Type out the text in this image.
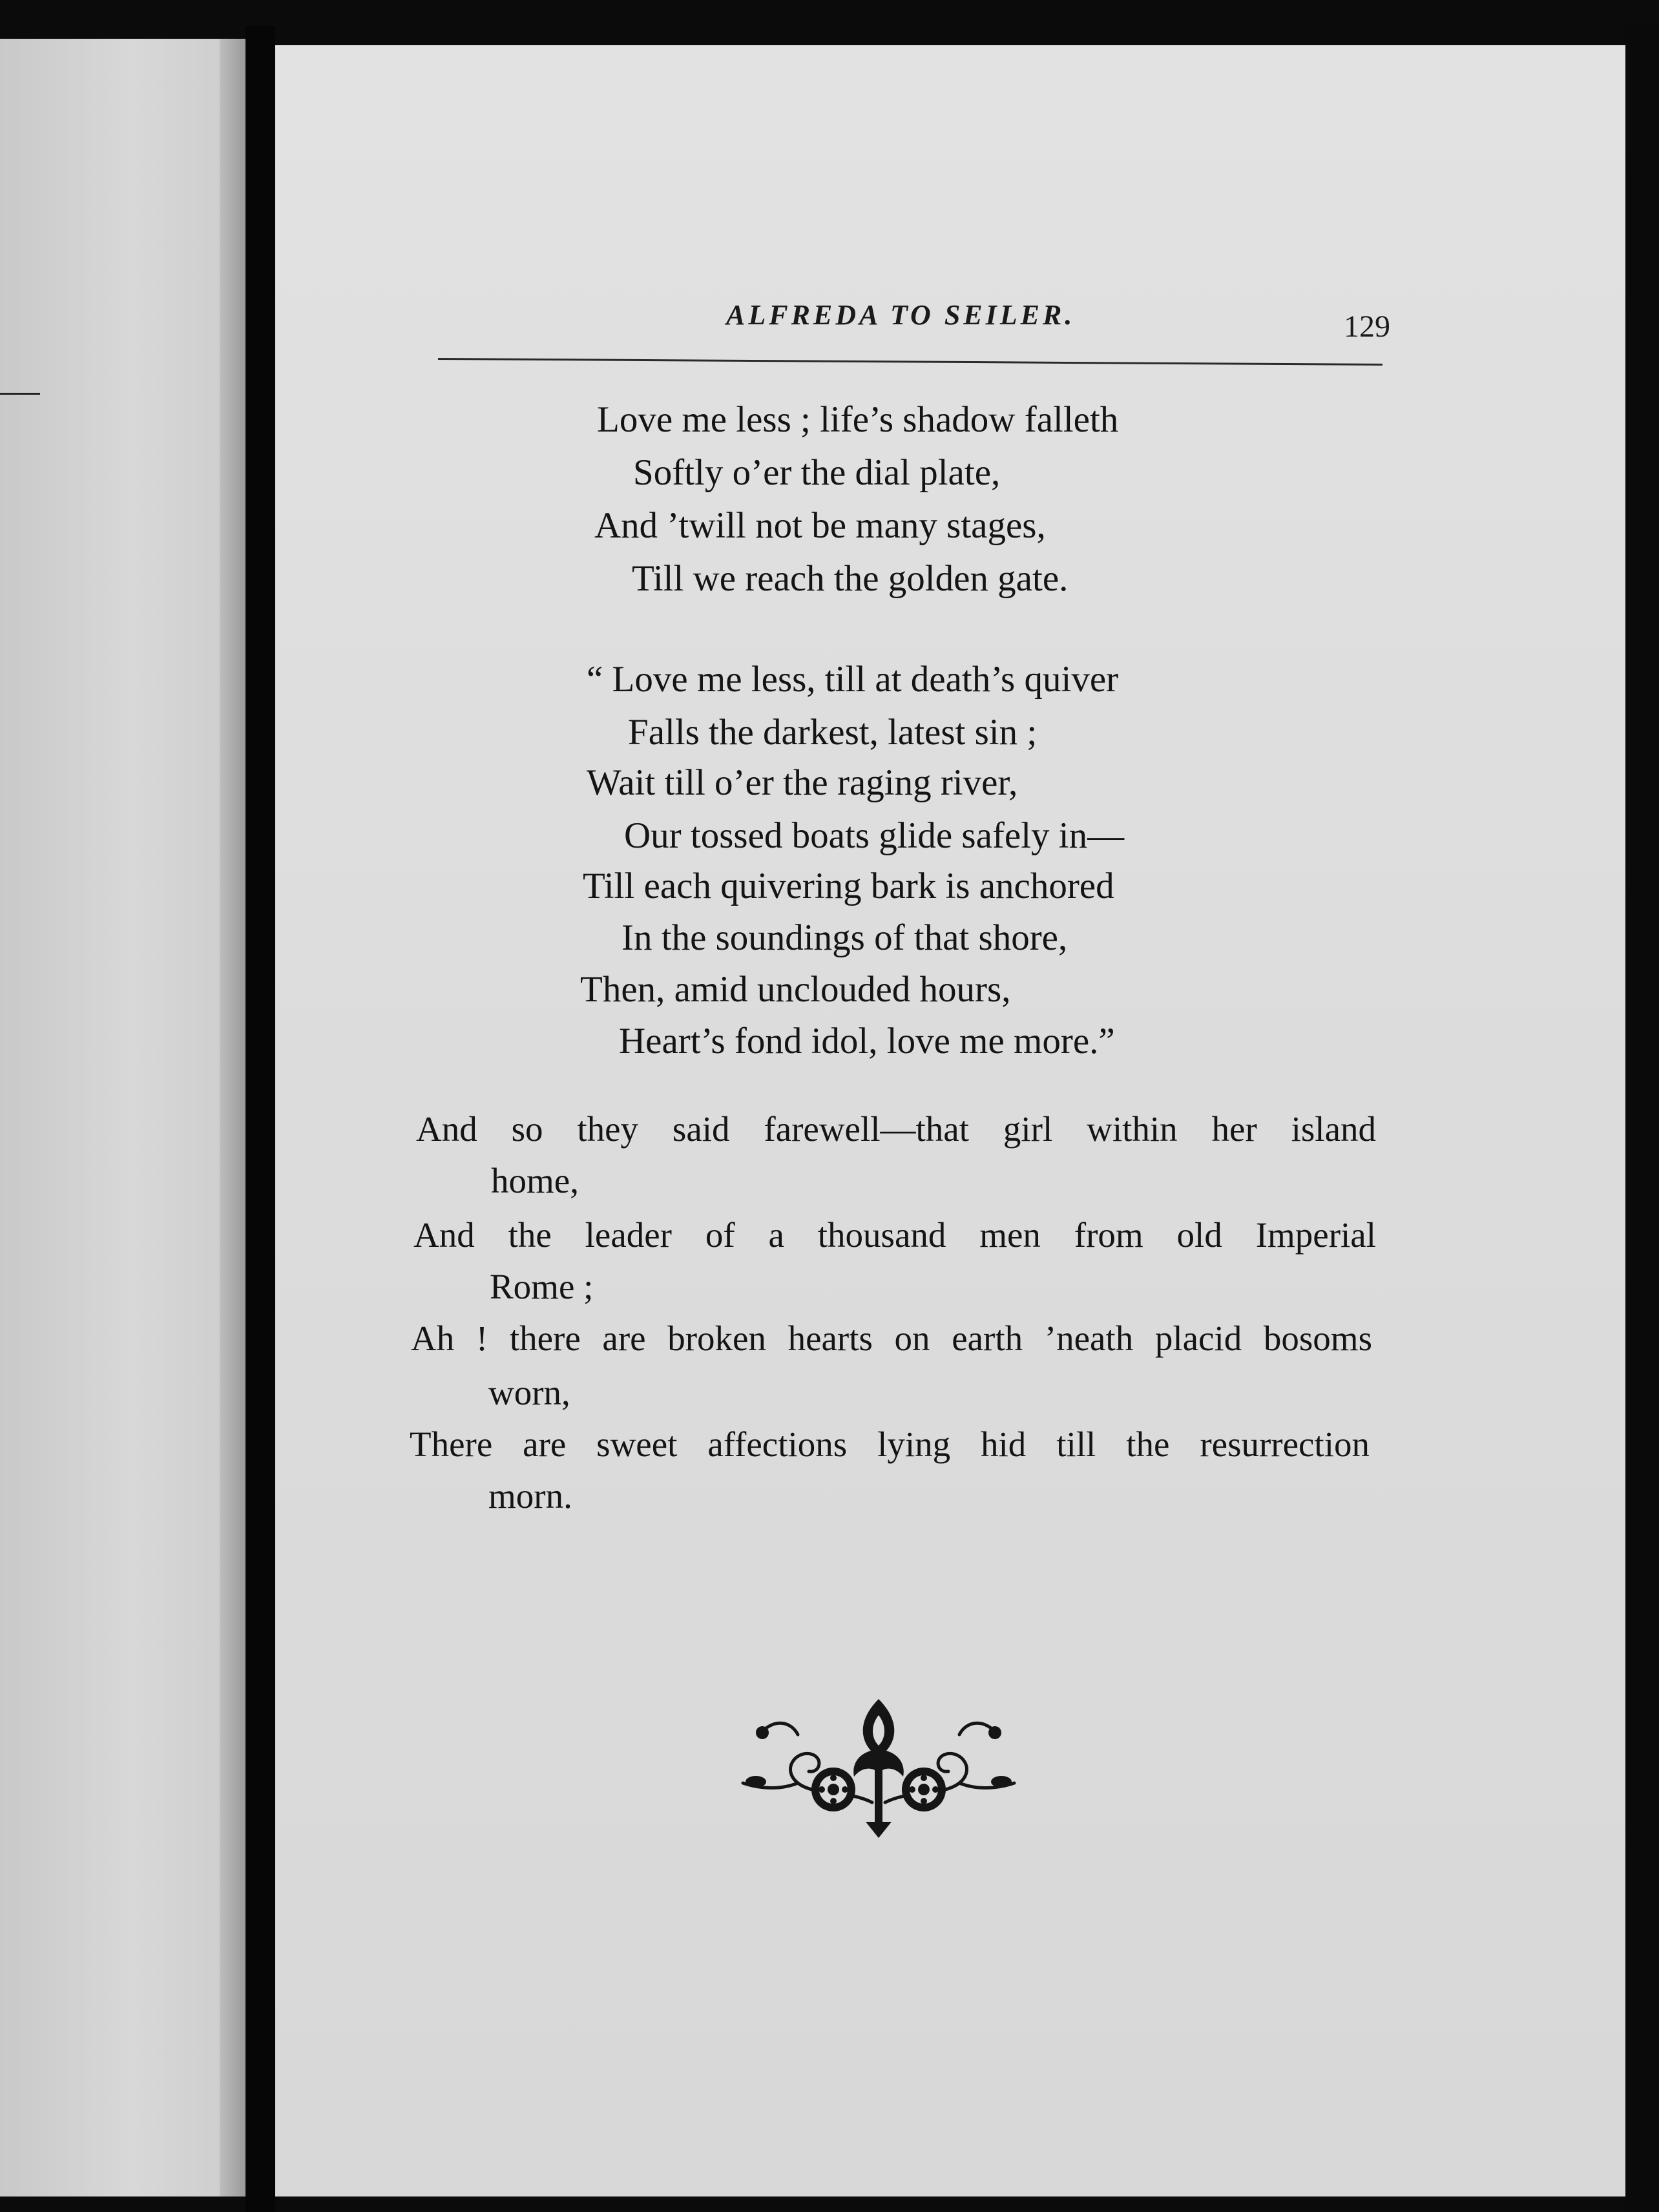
ALFREDA TO SEILER.	129
Love me less ; life’s shadow falleth
Softly o’er the dial plate,
And ’twill not be many stages,
Till we reach the golden gate.
“ Love me less, till at death’s quiver
Falls the darkest, latest sin ;
Wait till o’er the raging river,
Our tossed boats glide safely in—
Till each quivering bark is anchored
In the soundings of that shore,
Then, amid unclouded hours,
Heart’s fond idol, love me more.”
And so they said farewell—that girl within her island
home,
And the leader of a thousand men from old Imperial
Rome ;
Ah ! there are broken hearts on earth ’neath placid bosoms
worn,
There are sweet affections lying hid till the resurrection
morn.
